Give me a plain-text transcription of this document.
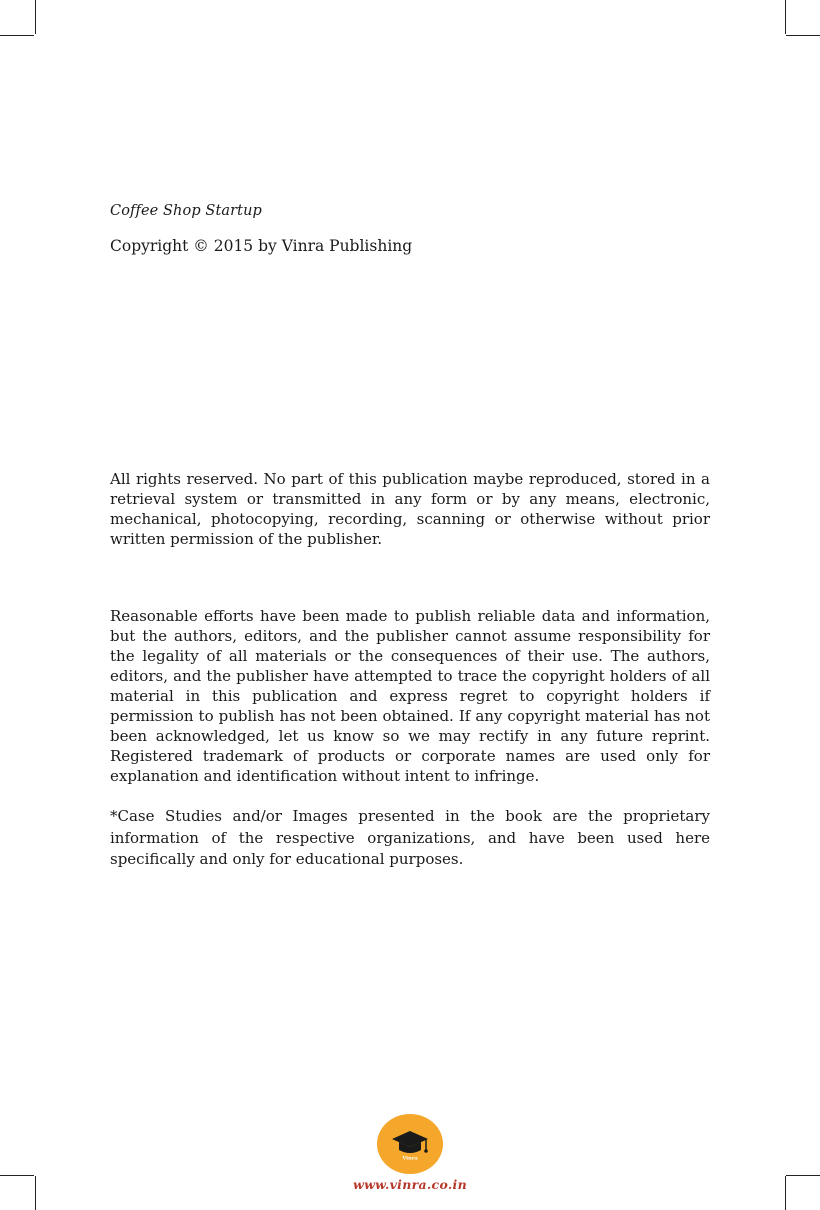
Coffee Shop Startup
Copyright © 2015 by Vinra Publishing

All rights reserved. No part of this publication maybe reproduced, stored in a retrieval system or transmitted in any form or by any means, electronic, mechanical, photocopying, recording, scanning or otherwise without prior written permission of the publisher.

Reasonable efforts have been made to publish reliable data and information, but the authors, editors, and the publisher cannot assume responsibility for the legality of all materials or the consequences of their use. The authors, editors, and the publisher have attempted to trace the copyright holders of all material in this publication and express regret to copyright holders if permission to publish has not been obtained. If any copyright material has not been acknowledged, let us know so we may rectify in any future reprint. Registered trademark of products or corporate names are used only for explanation and identification without intent to infringe.

*Case Studies and/or Images presented in the book are the proprietary information of the respective organizations, and have been used here specifically and only for educational purposes.

Vinra
www.vinra.co.in
